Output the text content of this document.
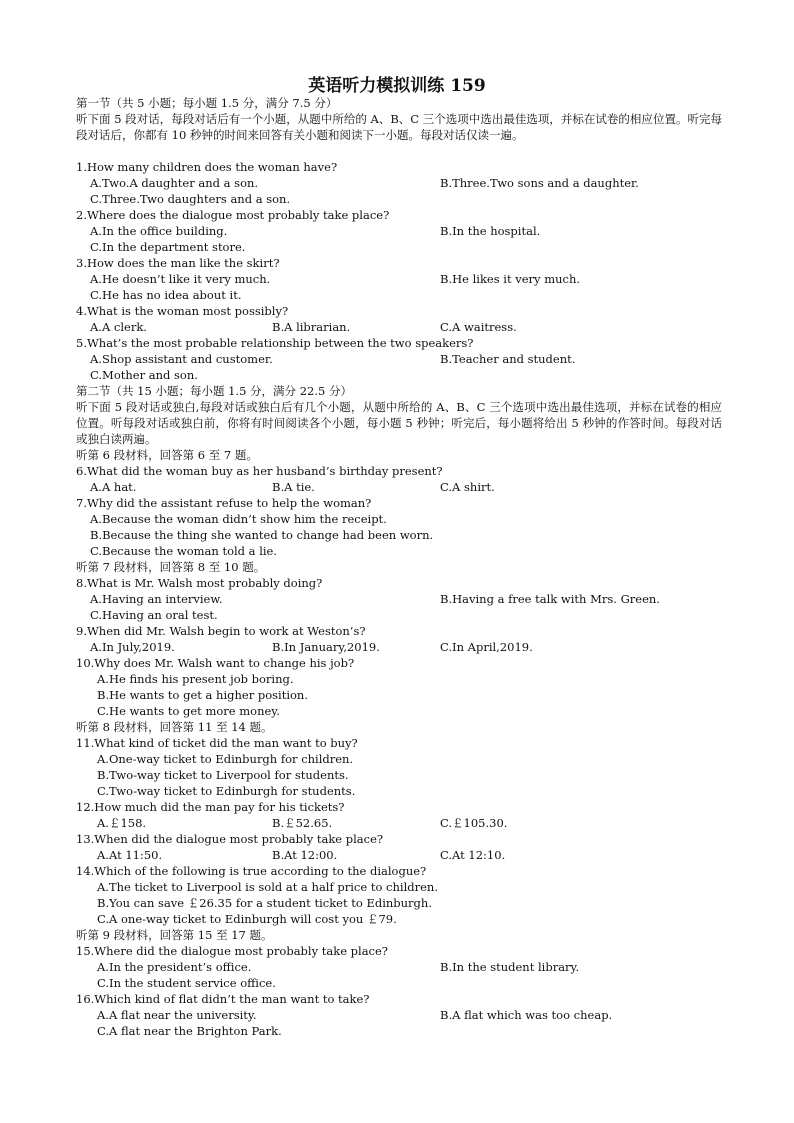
英语听力模拟训练 159
第一节（共 5 小题；每小题 1.5 分，满分 7.5 分）
听下面 5 段对话，每段对话后有一个小题，从题中所给的 A、B、C 三个选项中选出最佳选项，并标在试卷的相应位置。听完每段对话后，你都有 10 秒钟的时间来回答有关小题和阅读下一小题。每段对话仅读一遍。
1.How many children does the woman have?
A.Two.A daughter and a son.	B.Three.Two sons and a daughter.
C.Three.Two daughters and a son.
2.Where does the dialogue most probably take place?
A.In the office building.	B.In the hospital.
C.In the department store.
3.How does the man like the skirt?
A.He doesn’t like it very much.	B.He likes it very much.
C.He has no idea about it.
4.What is the woman most possibly?
A.A clerk.	B.A librarian.	C.A waitress.
5.What’s the most probable relationship between the two speakers?
A.Shop assistant and customer.	B.Teacher and student.
C.Mother and son.
第二节（共 15 小题；每小题 1.5 分，满分 22.5 分）
听下面 5 段对话或独白,每段对话或独白后有几个小题，从题中所给的 A、B、C 三个选项中选出最佳选项，并标在试卷的相应位置。听每段对话或独白前，你将有时间阅读各个小题，每小题 5 秒钟；听完后，每小题将给出 5 秒钟的作答时间。每段对话或独白读两遍。
听第 6 段材料，回答第 6 至 7 题。
6.What did the woman buy as her husband’s birthday present?
A.A hat.	B.A tie.	C.A shirt.
7.Why did the assistant refuse to help the woman?
A.Because the woman didn’t show him the receipt.
B.Because the thing she wanted to change had been worn.
C.Because the woman told a lie.
听第 7 段材料，回答第 8 至 10 题。
8.What is Mr. Walsh most probably doing?
A.Having an interview.	B.Having a free talk with Mrs. Green.
C.Having an oral test.
9.When did Mr. Walsh begin to work at Weston’s?
A.In July,2019.	B.In January,2019.	C.In April,2019.
10.Why does Mr. Walsh want to change his job?
A.He finds his present job boring.
B.He wants to get a higher position.
C.He wants to get more money.
听第 8 段材料，回答第 11 至 14 题。
11.What kind of ticket did the man want to buy?
A.One-way ticket to Edinburgh for children.
B.Two-way ticket to Liverpool for students.
C.Two-way ticket to Edinburgh for students.
12.How much did the man pay for his tickets?
A.￡158.	B.￡52.65.	C.￡105.30.
13.When did the dialogue most probably take place?
A.At 11:50.	B.At 12:00.	C.At 12:10.
14.Which of the following is true according to the dialogue?
A.The ticket to Liverpool is sold at a half price to children.
B.You can save ￡26.35 for a student ticket to Edinburgh.
C.A one-way ticket to Edinburgh will cost you ￡79.
听第 9 段材料，回答第 15 至 17 题。
15.Where did the dialogue most probably take place?
A.In the president’s office.	B.In the student library.
C.In the student service office.
16.Which kind of flat didn’t the man want to take?
A.A flat near the university.	B.A flat which was too cheap.
C.A flat near the Brighton Park.
